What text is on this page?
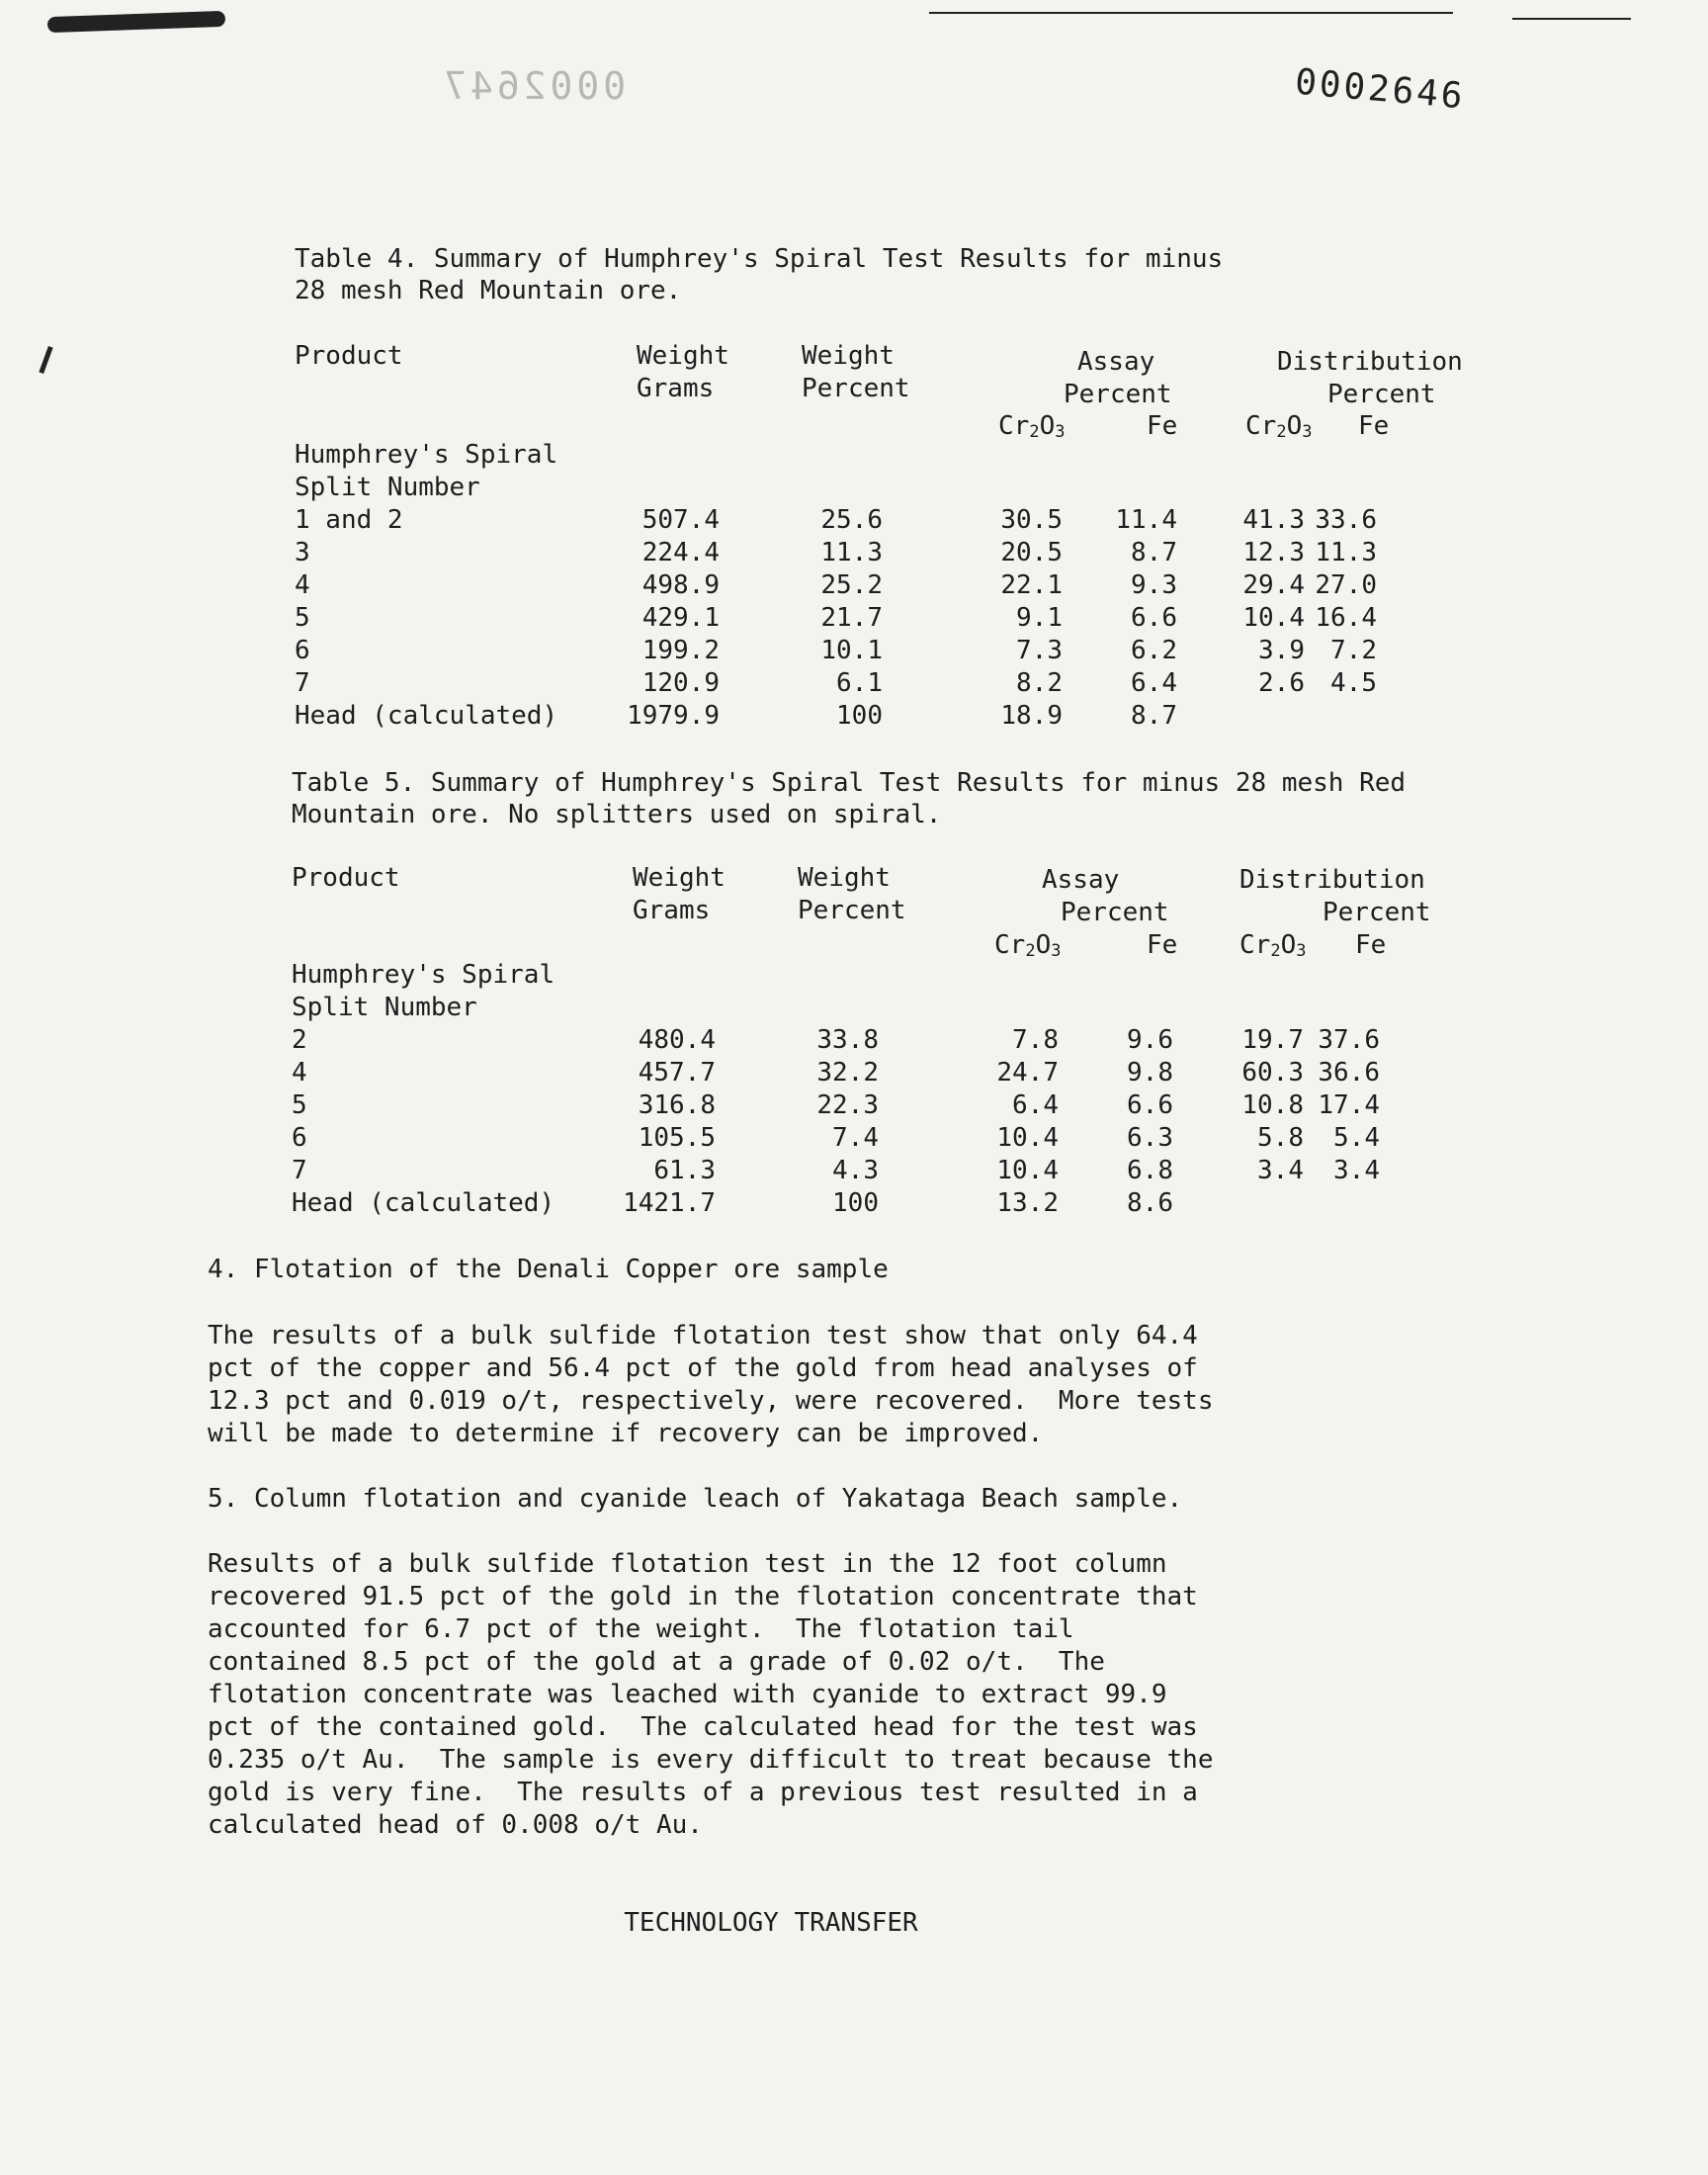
0002647	0002646
Table 4. Summary of Humphrey's Spiral Test Results for minus 28 mesh Red Mountain ore.
Product	Weight
Grams
Weight
Percent
Assay
Percent
Distribution
Percent
$Cr_2O_3$	Fe	$Cr_2O_3$ Fe
Humphrey's Spiral
Split Number
1 and 2	507.4	25.6	30.5	11.4	41.3 33.6
3	224.4	11.3	20.5	8.7	12.3 11.3
4	498.9	25.2	22.1	9.3	29.4 27.0
5	429.1	21.7	9.1	6.6	10.4 16.4
6	199.2	10.1	7.3	6.2	3.9	7.2
7	120.9	6.1	8.2	6.4	2.6	4.5
Head (calculated)	1979.9	100	18.9	8.7
Table 5. Summary of Humphrey's Spiral Test Results for minus 28 mesh Red Mountain ore. No splitters used on spiral.
Product	Weight
Grams
Weight
Percent
Assay
Percent
Distribution
Percent
$Cr_2O_3$	Fe $Cr_2O_3$ Fe
Humphrey's Spiral
Split Number
2	480.4	33.8	7.8	9.6	19.7 37.6
4	457.7	32.2	24.7	9.8	60.3 36.6
5	316.8	22.3	6.4	6.6	10.8 17.4
6	105.5	7.4	10.4	6.3	5.8	5.4
7	61.3	4.3	10.4	6.8	3.4	3.4
Head (calculated)	1421.7	100	13.2	8.6
4. Flotation of the Denali Copper ore sample
The results of a bulk sulfide flotation test show that only 64.4
pct of the copper and 56.4 pct of the gold from head analyses of
12.3 pct and 0.019 o/t, respectively, were recovered.  More tests
will be made to determine if recovery can be improved.
5. Column flotation and cyanide leach of Yakataga Beach sample.
Results of a bulk sulfide flotation test in the 12 foot column
recovered 91.5 pct of the gold in the flotation concentrate that
accounted for 6.7 pct of the weight.  The flotation tail
contained 8.5 pct of the gold at a grade of 0.02 o/t.  The
flotation concentrate was leached with cyanide to extract 99.9
pct of the contained gold.  The calculated head for the test was
0.235 o/t Au.  The sample is every difficult to treat because the
gold is very fine.  The results of a previous test resulted in a
calculated head of 0.008 o/t Au.
TECHNOLOGY TRANSFER
